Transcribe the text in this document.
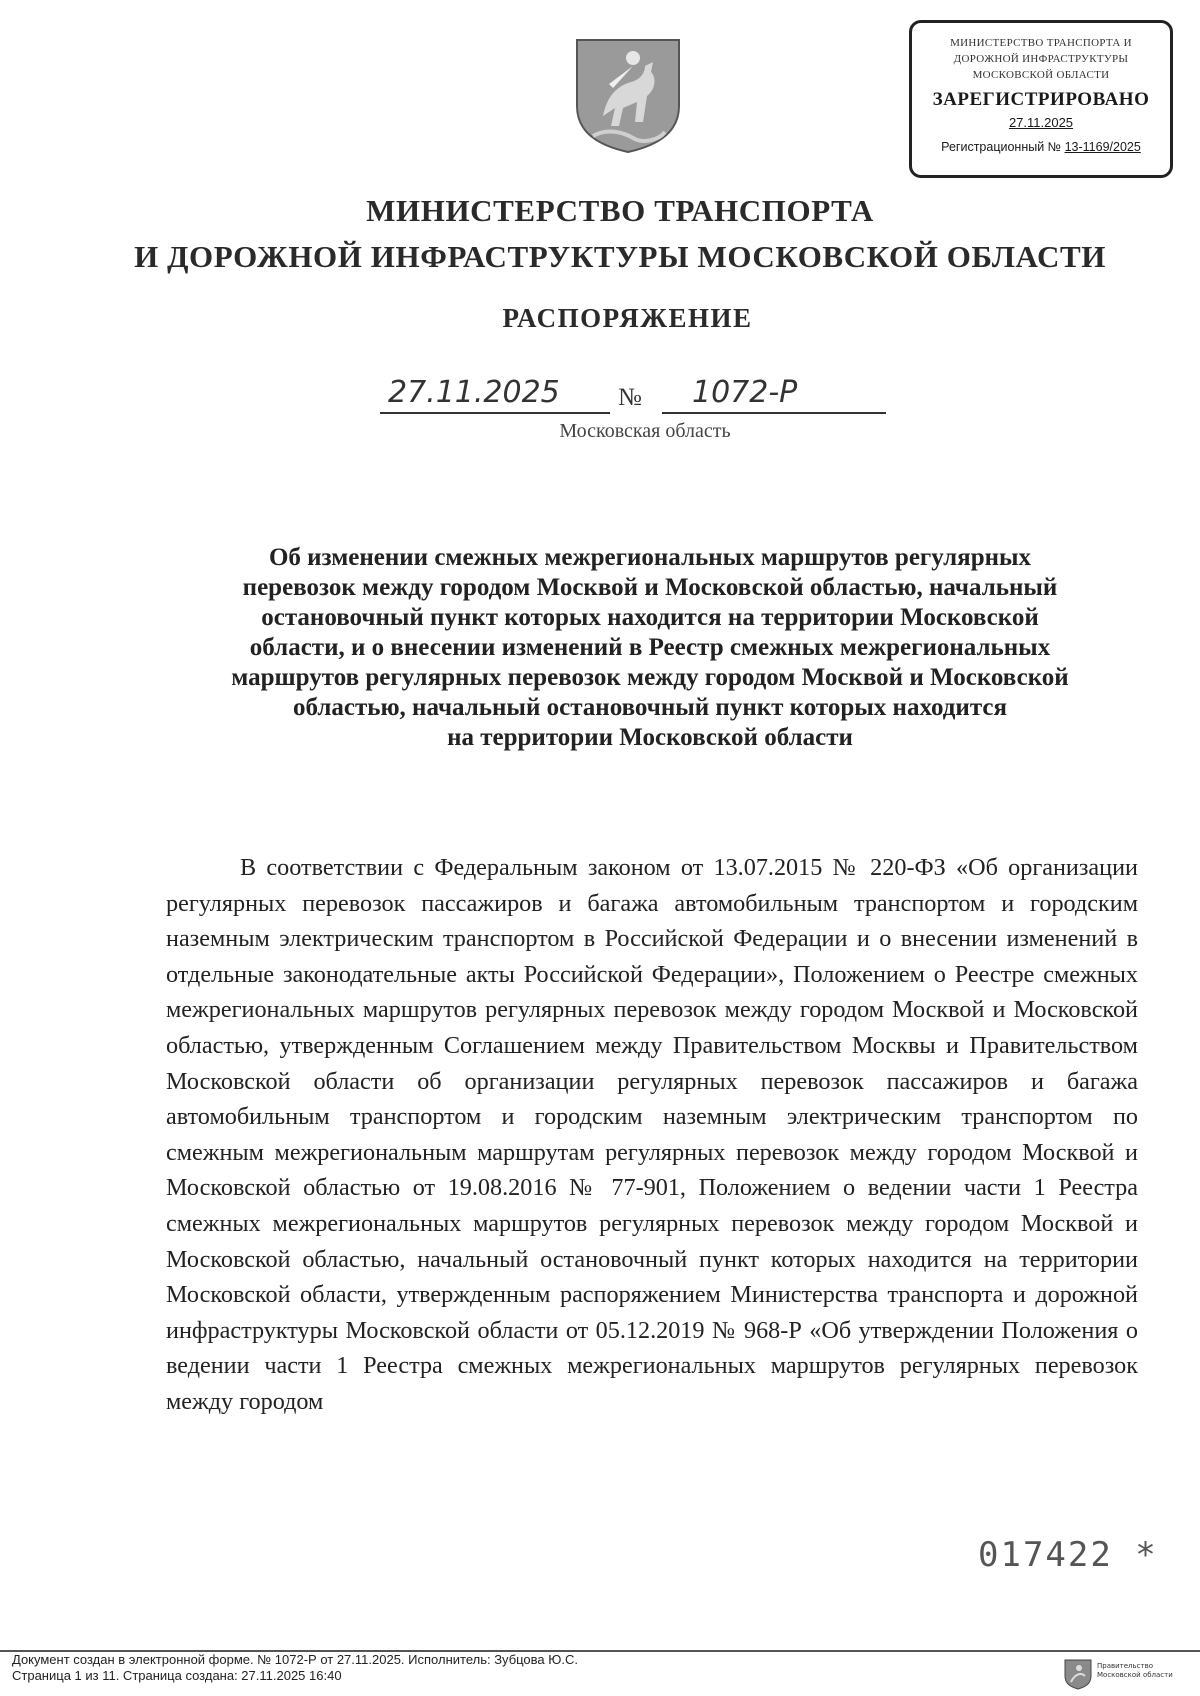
МИНИСТЕРСТВО ТРАНСПОРТА И
ДОРОЖНОЙ ИНФРАСТРУКТУРЫ
МОСКОВСКОЙ ОБЛАСТИ
ЗАРЕГИСТРИРОВАНО
27.11.2025
Регистрационный № 13-1169/2025
МИНИСТЕРСТВО ТРАНСПОРТА
И ДОРОЖНОЙ ИНФРАСТРУКТУРЫ МОСКОВСКОЙ ОБЛАСТИ
РАСПОРЯЖЕНИЕ
27.11.2025 № 1072-Р
Московская область
Об изменении смежных межрегиональных маршрутов регулярных
перевозок между городом Москвой и Московской областью, начальный
остановочный пункт которых находится на территории Московской
области, и о внесении изменений в Реестр смежных межрегиональных
маршрутов регулярных перевозок между городом Москвой и Московской
областью, начальный остановочный пункт которых находится
на территории Московской области

В соответствии с Федеральным законом от 13.07.2015 № 220-ФЗ «Об организации регулярных перевозок пассажиров и багажа автомобильным транспортом и городским наземным электрическим транспортом в Российской Федерации и о внесении изменений в отдельные законодательные акты Российской Федерации», Положением о Реестре смежных межрегиональных маршрутов регулярных перевозок между городом Москвой и Московской областью, утвержденным Соглашением между Правительством Москвы и Правительством Московской области об организации регулярных перевозок пассажиров и багажа автомобильным транспортом и городским наземным электрическим транспортом по смежным межрегиональным маршрутам регулярных перевозок между городом Москвой и Московской областью от 19.08.2016 № 77-901, Положением о ведении части 1 Реестра смежных межрегиональных маршрутов регулярных перевозок между городом Москвой и Московской областью, начальный остановочный пункт которых находится на территории Московской области, утвержденным распоряжением Министерства транспорта и дорожной инфраструктуры Московской области от 05.12.2019 № 968-Р «Об утверждении Положения о ведении части 1 Реестра смежных межрегиональных маршрутов регулярных перевозок между городом

017422 *
Документ создан в электронной форме. № 1072-Р от 27.11.2025. Исполнитель: Зубцова Ю.С.
Страница 1 из 11. Страница создана: 27.11.2025 16:40
Правительство
Московской области
